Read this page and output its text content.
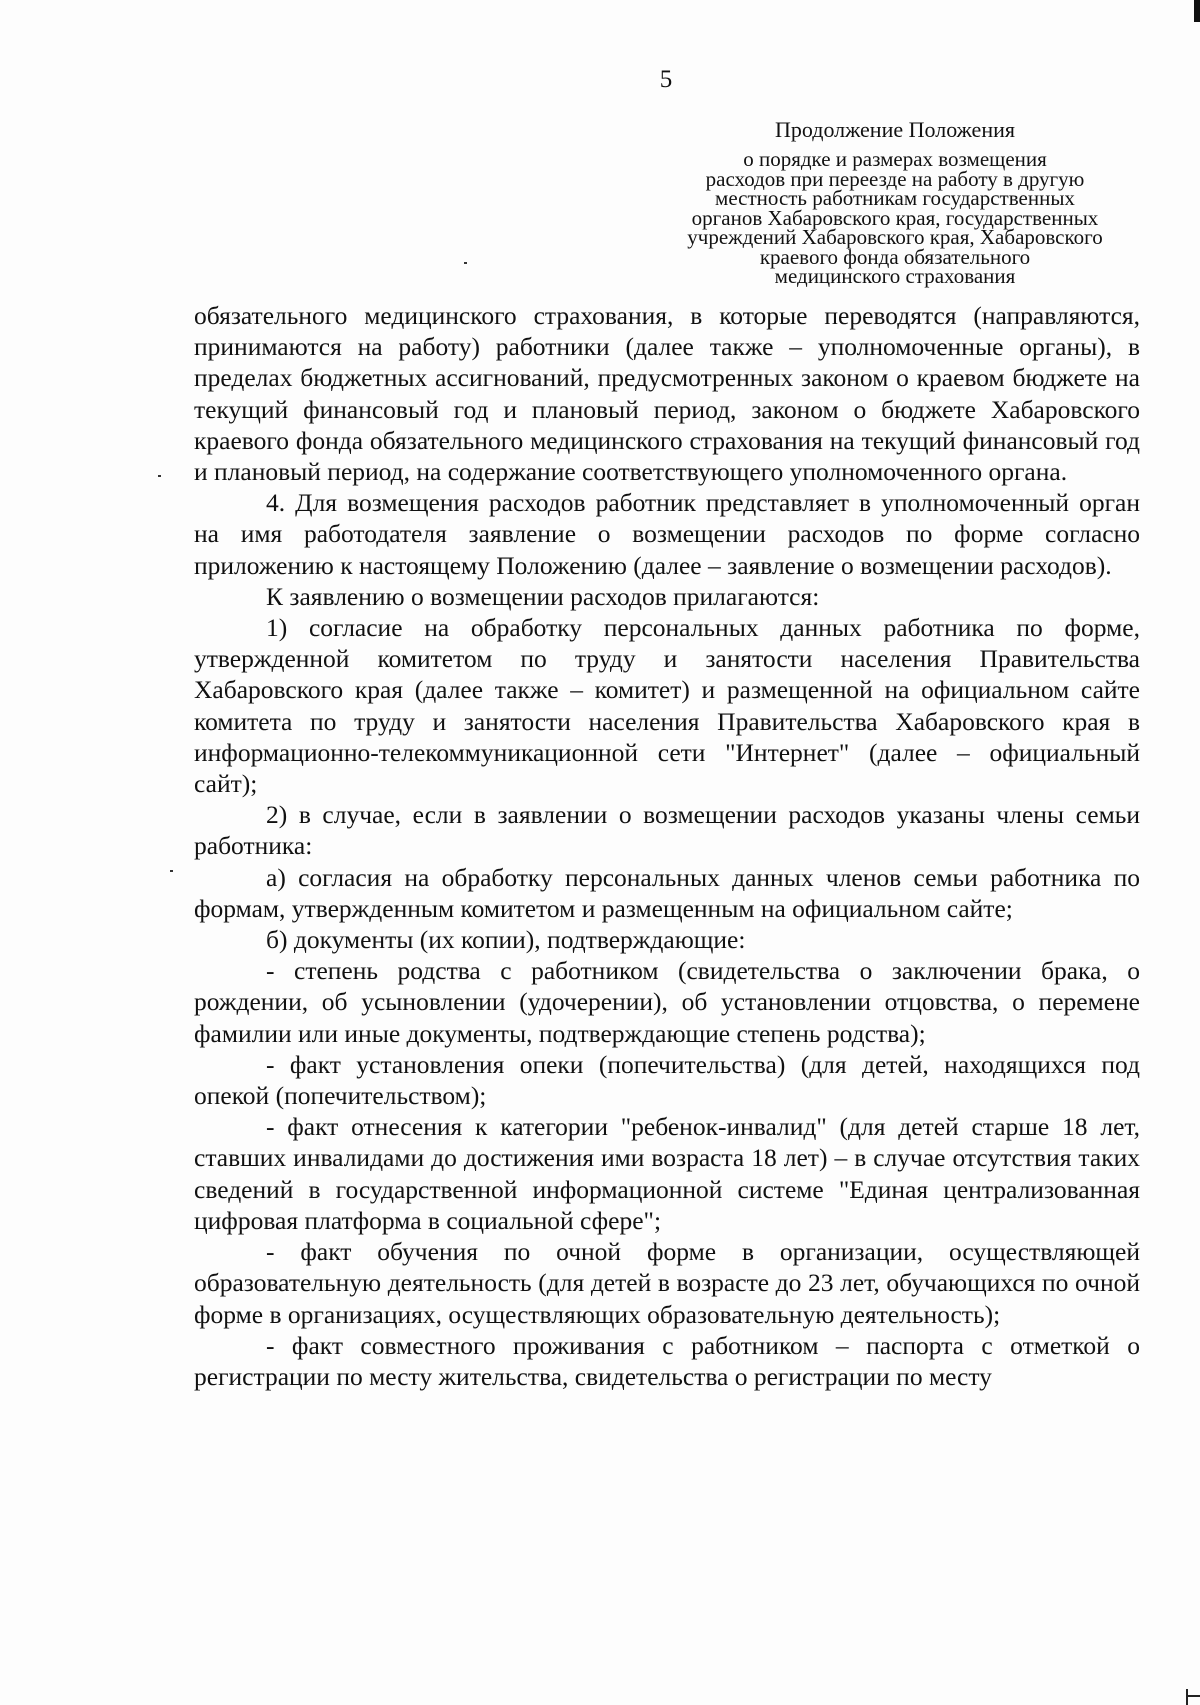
5
Продолжение Положения
о порядке и размерах возмещения
расходов при переезде на работу в другую
местность работникам государственных
органов Хабаровского края, государственных
учреждений Хабаровского края, Хабаровского
краевого фонда обязательного
медицинского страхования

обязательного медицинского страхования, в которые переводятся (направляются, принимаются на работу) работники (далее также – уполномоченные органы), в пределах бюджетных ассигнований, предусмотренных законом о краевом бюджете на текущий финансовый год и плановый период, законом о бюджете Хабаровского краевого фонда обязательного медицинского страхования на текущий финансовый год и плановый период, на содержание соответствующего уполномоченного органа.

4. Для возмещения расходов работник представляет в уполномоченный орган на имя работодателя заявление о возмещении расходов по форме согласно приложению к настоящему Положению (далее – заявление о возмещении расходов).

К заявлению о возмещении расходов прилагаются:

1) согласие на обработку персональных данных работника по форме, утвержденной комитетом по труду и занятости населения Правительства Хабаровского края (далее также – комитет) и размещенной на официальном сайте комитета по труду и занятости населения Правительства Хабаровского края в информационно-телекоммуникационной сети "Интернет" (далее – официальный сайт);

2) в случае, если в заявлении о возмещении расходов указаны члены семьи работника:

а) согласия на обработку персональных данных членов семьи работника по формам, утвержденным комитетом и размещенным на официальном сайте;

б) документы (их копии), подтверждающие:

- степень родства с работником (свидетельства о заключении брака, о рождении, об усыновлении (удочерении), об установлении отцовства, о перемене фамилии или иные документы, подтверждающие степень родства);

- факт установления опеки (попечительства) (для детей, находящихся под опекой (попечительством);

- факт отнесения к категории "ребенок-инвалид" (для детей старше 18 лет, ставших инвалидами до достижения ими возраста 18 лет) – в случае отсутствия таких сведений в государственной информационной системе "Единая централизованная цифровая платформа в социальной сфере";

- факт обучения по очной форме в организации, осуществляющей образовательную деятельность (для детей в возрасте до 23 лет, обучающихся по очной форме в организациях, осуществляющих образовательную деятельность);

- факт совместного проживания с работником – паспорта с отметкой о регистрации по месту жительства, свидетельства о регистрации по месту
